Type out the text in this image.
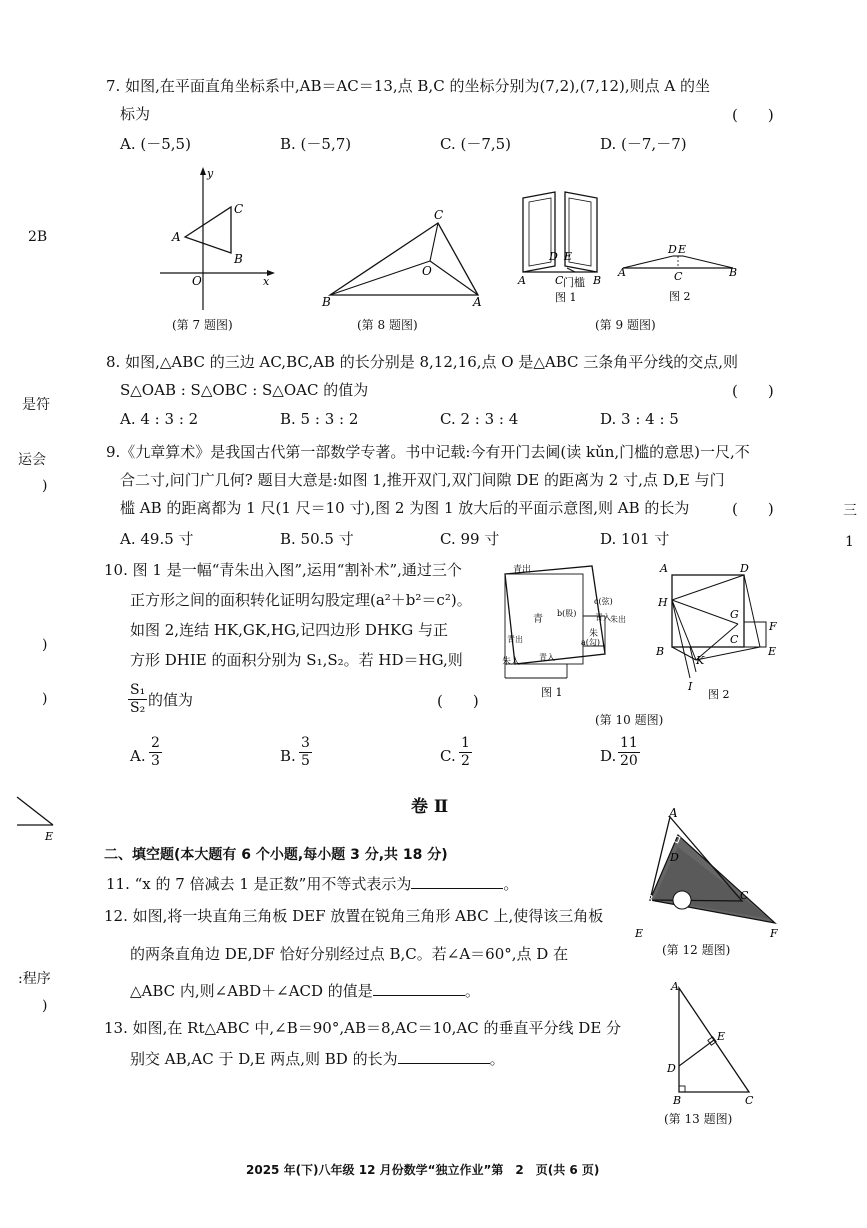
2B
是符
运会
)
)
)
E
:程序
)
三
1
7. 如图,在平面直角坐标系中,AB＝AC＝13,点 B,C 的坐标分别为(7,2),(7,12),则点 A 的坐
标为	(　　)
A. (－5,5)	B. (－5,7)	C. (－7,5)	D. (－7,－7)
y
C
A
B
O	x
(第 7 题图)
C
O
B	A
(第 8 题图)
D E
A	C	B
门槛
图 1
D E
A	C	B
图 2
(第 9 题图)
8. 如图,△ABC 的三边 AC,BC,AB 的长分别是 8,12,16,点 O 是△ABC 三条角平分线的交点,则
S△OAB : S△OBC : S△OAC 的值为	(　　)
A. 4 : 3 : 2	B. 5 : 3 : 2	C. 2 : 3 : 4	D. 3 : 4 : 5
9.《九章算术》是我国古代第一部数学专著。书中记载:今有开门去阃(读 kǔn,门槛的意思)一尺,不
合二寸,问门广几何? 题目大意是:如图 1,推开双门,双门间隙 DE 的距离为 2 寸,点 D,E 与门
槛 AB 的距离都为 1 尺(1 尺＝10 寸),图 2 为图 1 放大后的平面示意图,则 AB 的长为	(　　)
A. 49.5 寸	B. 50.5 寸	C. 99 寸	D. 101 寸
10. 图 1 是一幅“青朱出入图”,运用“割补术”,通过三个
正方形之间的面积转化证明勾股定理(a²＋b²＝c²)。
如图 2,连结 HK,GK,HG,记四边形 DHKG 与正
方形 DHIE 的面积分别为 S₁,S₂。若 HD＝HG,则
$\frac{\text{S₁}}{\text{S₂}}$ 的值为	(　　)
A. $\frac{2}{3}$	B. $\frac{3}{5}$	C. $\frac{1}{2}$	D. $\frac{11}{20}$
青出
青
b(股)
c(弦)
青入
青出	a(勾)
朱
朱出
朱入 青入
图 1
A	D
H
G
F
C
B
K
E
I
图 2
(第 10 题图)
卷 Ⅱ
二、填空题(本大题有 6 个小题,每小题 3 分,共 18 分)
11. “x 的 7 倍减去 1 是正数”用不等式表示为	。
12. 如图,将一块直角三角板 DEF 放置在锐角三角形 ABC 上,使得该三角板
的两条直角边 DE,DF 恰好分别经过点 B,C。若∠A＝60°,点 D 在
△ABC 内,则∠ABD＋∠ACD 的值是	。
A
D
B	C
E	F
(第 12 题图)
13. 如图,在 Rt△ABC 中,∠B＝90°,AB＝8,AC＝10,AC 的垂直平分线 DE 分
别交 AB,AC 于 D,E 两点,则 BD 的长为	。
A
E
D
B	C
(第 13 题图)
2025 年(下)八年级 12 月份数学“独立作业”第　2　页(共 6 页)
